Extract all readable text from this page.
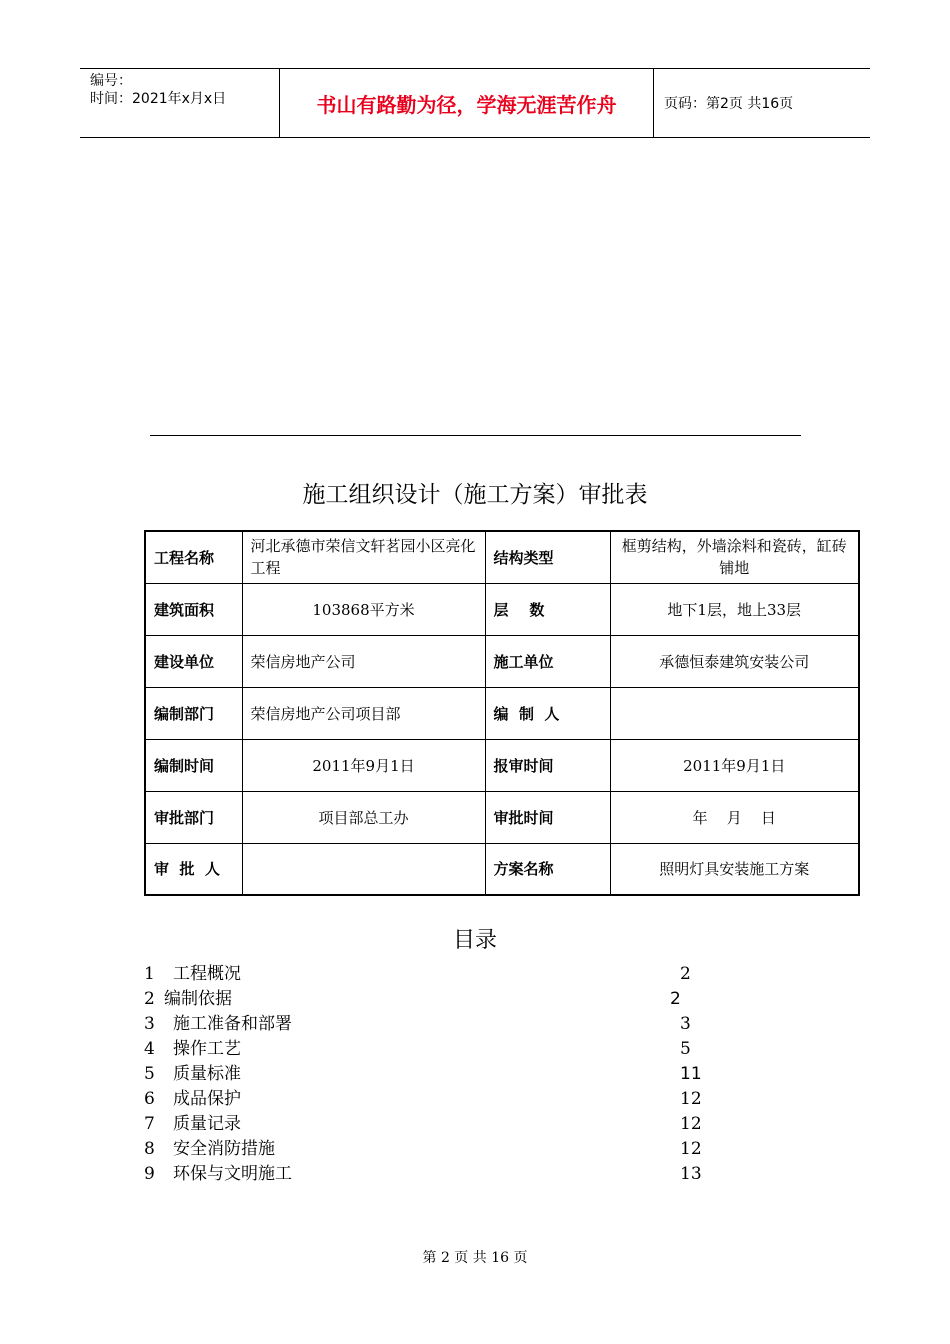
编号：
时间：2021年x月x日	书山有路勤为径，学海无涯苦作舟	页码：第2页 共16页
施工组织设计（施工方案）审批表
工程名称	河北承德市荣信文轩茗园小区亮化工程	结构类型	框剪结构，外墙涂料和瓷砖，缸砖铺地
建筑面积	103868平方米	层    数	地下1层，地上33层
建设单位	荣信房地产公司	施工单位	承德恒泰建筑安装公司
编制部门	荣信房地产公司项目部	编  制  人	
编制时间	2011年9月1日	报审时间	2011年9月1日
审批部门	项目部总工办	审批时间	年    月    日
审  批  人		方案名称	照明灯具安装施工方案
目录
1 工程概况	2
2 编制依据	2
3 施工准备和部署	3
4 操作工艺	5
5 质量标准	11
6 成品保护	12
7 质量记录	12
8 安全消防措施	12
9 环保与文明施工	13
第 2 页 共 16 页
